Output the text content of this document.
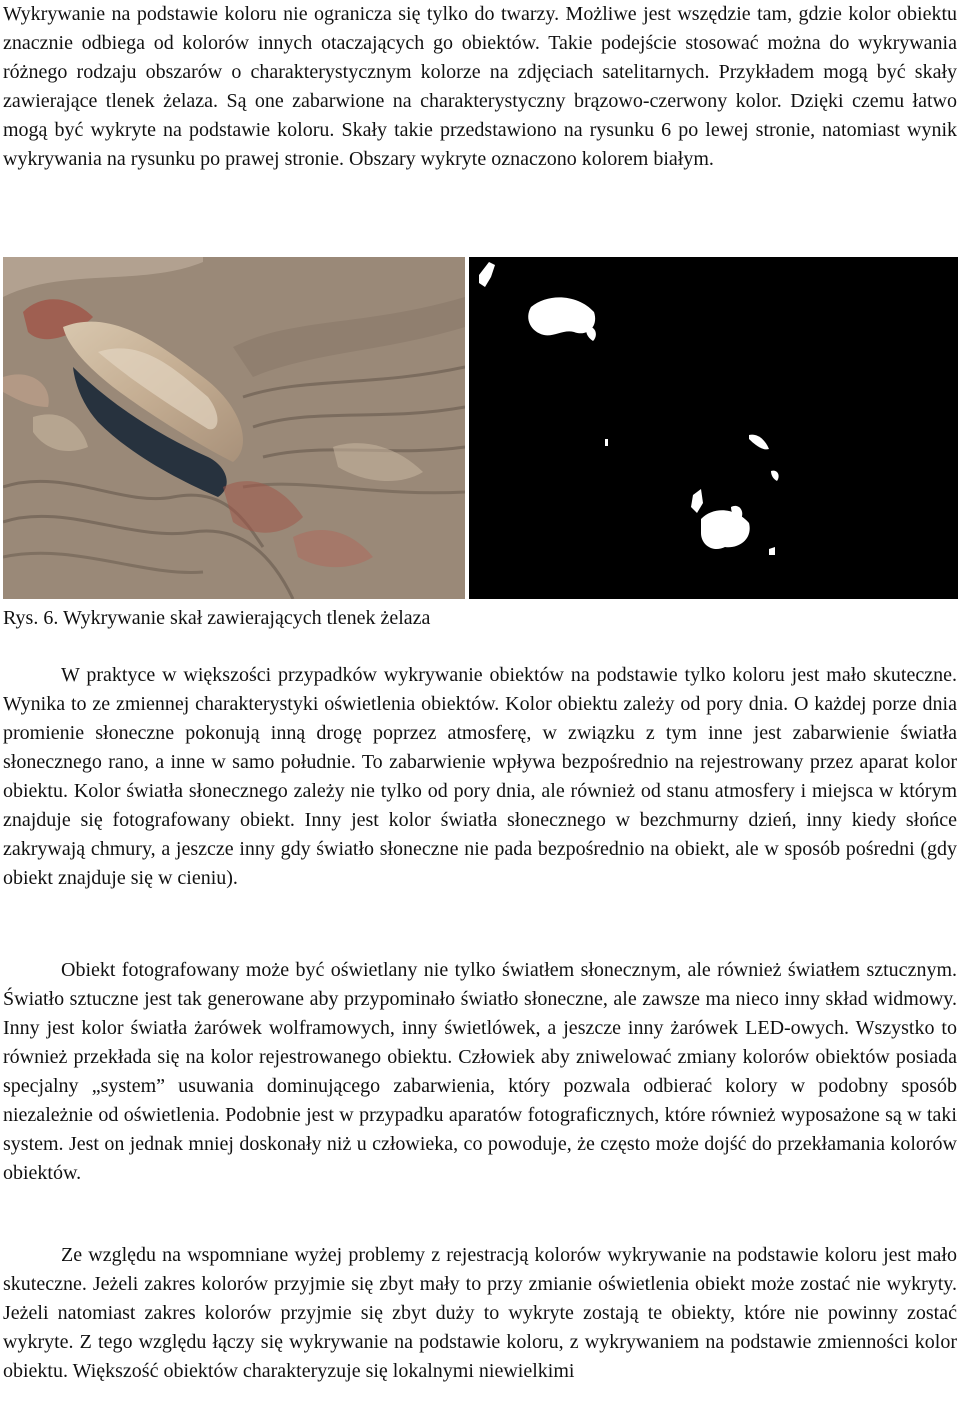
Wykrywanie na podstawie koloru nie ogranicza się tylko do twarzy. Możliwe jest wszędzie tam, gdzie kolor obiektu znacznie odbiega od kolorów innych otaczających go obiektów. Takie podejście stosować można do wykrywania różnego rodzaju obszarów o charakterystycznym kolorze na zdjęciach satelitarnych. Przykładem mogą być skały zawierające tlenek żelaza. Są one zabarwione na charakterystyczny brązowo-czerwony kolor. Dzięki czemu łatwo mogą być wykryte na podstawie koloru. Skały takie przedstawiono na rysunku 6 po lewej stronie, natomiast wynik wykrywania na rysunku po prawej stronie. Obszary wykryte oznaczono kolorem białym.

Rys. 6. Wykrywanie skał zawierających tlenek żelaza

W praktyce w większości przypadków wykrywanie obiektów na podstawie tylko koloru jest mało skuteczne. Wynika to ze zmiennej charakterystyki oświetlenia obiektów. Kolor obiektu zależy od pory dnia. O każdej porze dnia promienie słoneczne pokonują inną drogę poprzez atmosferę, w związku z tym inne jest zabarwienie światła słonecznego rano, a inne w samo południe. To zabarwienie wpływa bezpośrednio na rejestrowany przez aparat kolor obiektu. Kolor światła słonecznego zależy nie tylko od pory dnia, ale również od stanu atmosfery i miejsca w którym znajduje się fotografowany obiekt. Inny jest kolor światła słonecznego w bezchmurny dzień, inny kiedy słońce zakrywają chmury, a jeszcze inny gdy światło słoneczne nie pada bezpośrednio na obiekt, ale w sposób pośredni (gdy obiekt znajduje się w cieniu).

Obiekt fotografowany może być oświetlany nie tylko światłem słonecznym, ale również światłem sztucznym. Światło sztuczne jest tak generowane aby przypominało światło słoneczne, ale zawsze ma nieco inny skład widmowy. Inny jest kolor światła żarówek wolframowych, inny świetlówek, a jeszcze inny żarówek LED-owych. Wszystko to również przekłada się na kolor rejestrowanego obiektu. Człowiek aby zniwelować zmiany kolorów obiektów posiada specjalny „system” usuwania dominującego zabarwienia, który pozwala odbierać kolory w podobny sposób niezależnie od oświetlenia. Podobnie jest w przypadku aparatów fotograficznych, które również wyposażone są w taki system. Jest on jednak mniej doskonały niż u człowieka, co powoduje, że często może dojść do przekłamania kolorów obiektów.

Ze względu na wspomniane wyżej problemy z rejestracją kolorów wykrywanie na podstawie koloru jest mało skuteczne. Jeżeli zakres kolorów przyjmie się zbyt mały to przy zmianie oświetlenia obiekt może zostać nie wykryty. Jeżeli natomiast zakres kolorów przyjmie się zbyt duży to wykryte zostają te obiekty, które nie powinny zostać wykryte. Z tego względu łączy się wykrywanie na podstawie koloru, z wykrywaniem na podstawie zmienności kolor obiektu. Większość obiektów charakteryzuje się lokalnymi niewielkimi
